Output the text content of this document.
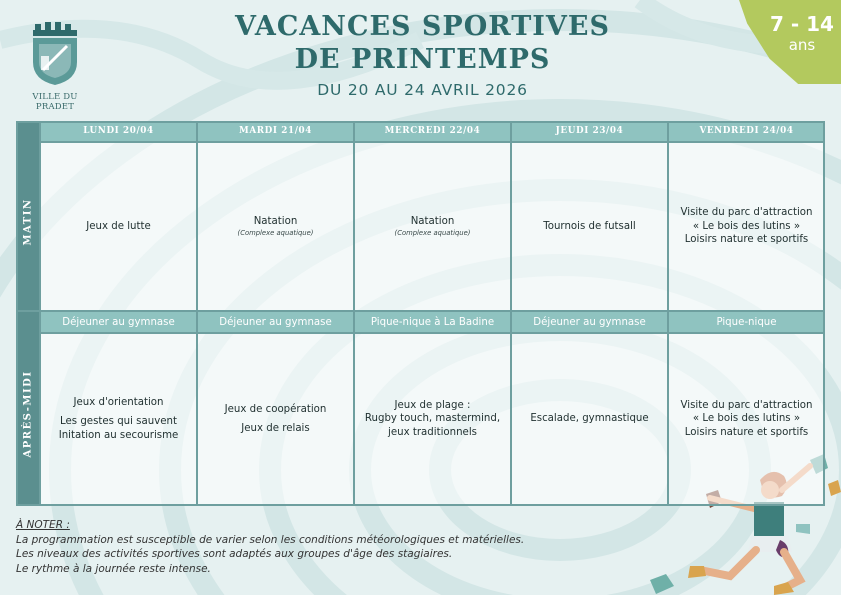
VILLE DU PRADET
VACANCES SPORTIVES
DE PRINTEMPS
DU 20 AU 24 AVRIL 2026
7 - 14
ans
MATIN
APRÈS-MIDI
LUNDI 20/04
Jeux de lutte
Déjeuner au gymnase
Jeux d'orientation
Les gestes qui sauvent
Initation au secourisme
MARDI 21/04
Natation
(Complexe aquatique)
Déjeuner au gymnase
Jeux de coopération
Jeux de relais
MERCREDI 22/04
Natation
(Complexe aquatique)
Pique-nique à La Badine
Jeux de plage :
Rugby touch, mastermind,
jeux traditionnels
JEUDI 23/04
Tournois de futsall
Déjeuner au gymnase
Escalade, gymnastique
VENDREDI 24/04
Visite du parc d'attraction
« Le bois des lutins »
Loisirs nature et sportifs
Pique-nique
Visite du parc d'attraction
« Le bois des lutins »
Loisirs nature et sportifs
À NOTER :
La programmation est susceptible de varier selon les conditions météorologiques et matérielles.
Les niveaux des activités sportives sont adaptés aux groupes d'âge des stagiaires.
Le rythme à la journée reste intense.
